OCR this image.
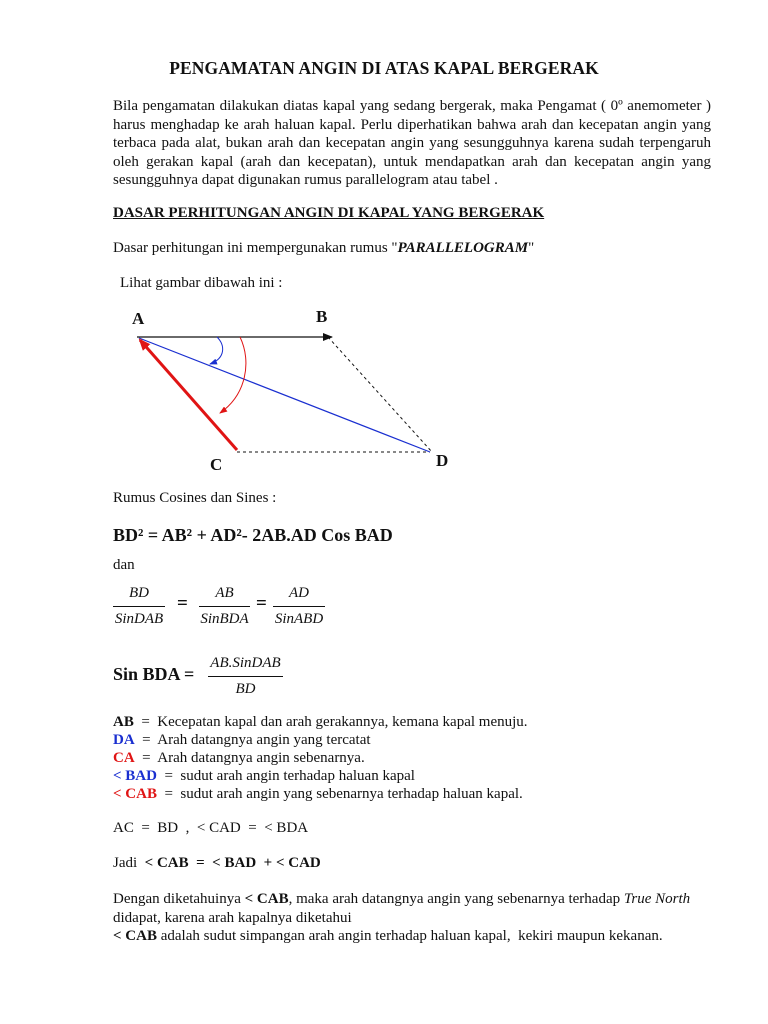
PENGAMATAN ANGIN DI ATAS KAPAL BERGERAK
Bila pengamatan dilakukan diatas kapal yang sedang bergerak, maka Pengamat ( 0º anemometer )
harus menghadap ke arah haluan kapal. Perlu diperhatikan bahwa arah dan kecepatan angin yang
terbaca pada alat, bukan arah dan kecepatan angin yang sesungguhnya karena sudah terpengaruh
oleh gerakan kapal (arah dan kecepatan), untuk mendapatkan arah dan kecepatan angin yang
sesungguhnya dapat digunakan rumus parallelogram atau tabel .
DASAR PERHITUNGAN ANGIN DI KAPAL YANG BERGERAK
Dasar perhitungan ini mempergunakan rumus "PARALLELOGRAM"
Lihat gambar dibawah ini :
A	B
C	D
Rumus Cosines dan Sines :
BD² = AB² + AD²- 2AB.AD Cos BAD
dan
BD
SinDAB
=	AB
SinBDA
=	AD
SinABD
Sin BDA =
AB.SinDAB
BD
AB  =  Kecepatan kapal dan arah gerakannya, kemana kapal menuju.
DA  =  Arah datangnya angin yang tercatat
CA  =  Arah datangnya angin sebenarnya.
< BAD  =  sudut arah angin terhadap haluan kapal
< CAB  =  sudut arah angin yang sebenarnya terhadap haluan kapal.
AC  =  BD  ,  < CAD  =  < BDA
Jadi  < CAB  =  < BAD  + < CAD
Dengan diketahuinya < CAB, maka arah datangnya angin yang sebenarnya terhadap True North
didapat, karena arah kapalnya diketahui
< CAB adalah sudut simpangan arah angin terhadap haluan kapal,  kekiri maupun kekanan.
